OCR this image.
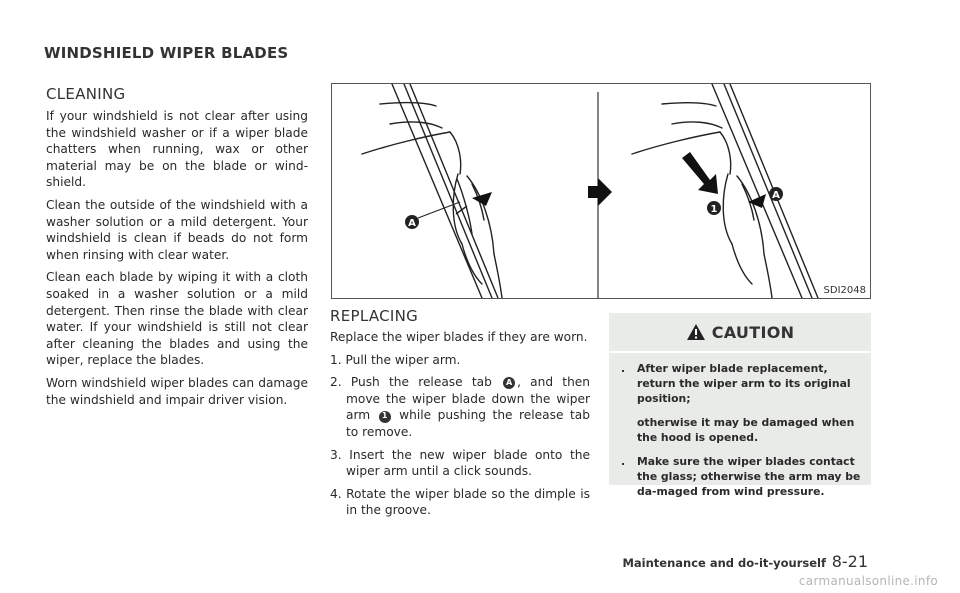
WINDSHIELD WIPER BLADES
CLEANING

If your windshield is not clear after using the windshield washer or if a wiper blade chatters when running, wax or other material may be on the blade or wind-shield.

Clean the outside of the windshield with a washer solution or a mild detergent. Your windshield is clean if beads do not form when rinsing with clear water.

Clean each blade by wiping it with a cloth soaked in a washer solution or a mild detergent. Then rinse the blade with clear water. If your windshield is still not clear after cleaning the blades and using the wiper, replace the blades.

Worn windshield wiper blades can damage the windshield and impair driver vision.

A
1
A
SDI2048
REPLACING

Replace the wiper blades if they are worn.

1. Pull the wiper arm.

2. Push the release tab A , and then move the wiper blade down the wiper arm 1 while pushing the release tab to remove.

3. Insert the new wiper blade onto the wiper arm until a click sounds.

4. Rotate the wiper blade so the dimple is in the groove.

CAUTION
. After wiper blade replacement, return the wiper arm to its original position;
otherwise it may be damaged when the hood is opened.
. Make sure the wiper blades contact the glass; otherwise the arm may be da-maged from wind pressure.
Maintenance and do-it-yourself 8-21
carmanualsonline.info
